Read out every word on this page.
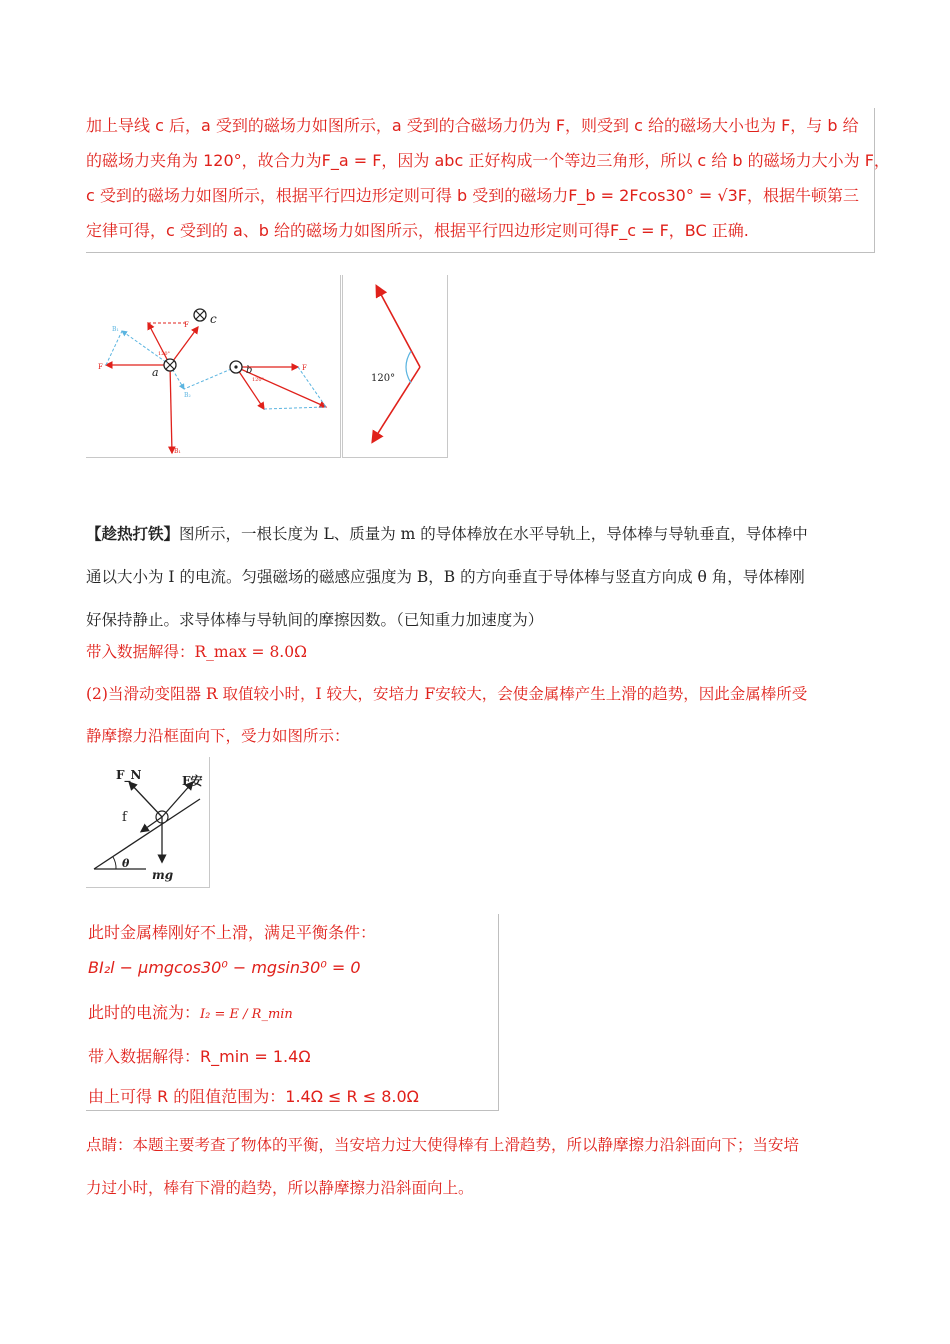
加上导线 c 后，a 受到的磁场力如图所示，a 受到的合磁场力仍为 F，则受到 c 给的磁场大小也为 F，与 b 给

的磁场力夹角为 120°，故合力为F_a = F，因为 abc 正好构成一个等边三角形，所以 c 给 b 的磁场力大小为 F，

c 受到的磁场力如图所示，根据平行四边形定则可得 b 受到的磁场力F_b = 2Fcos30° = √3F，根据牛顿第三

定律可得，c 受到的 a、b 给的磁场力如图所示，根据平行四边形定则可得F_c = F，BC 正确.

a
c
b
F	F
F
B₁
B₂
B₁
120°
120°	120°

【趁热打铁】图所示，一根长度为 L、质量为 m 的导体棒放在水平导轨上，导体棒与导轨垂直，导体棒中
通以大小为 I 的电流。匀强磁场的磁感应强度为 B，B 的方向垂直于导体棒与竖直方向成 θ 角，导体棒刚
好保持静止。求导体棒与导轨间的摩擦因数。（已知重力加速度为）

带入数据解得：R_max = 8.0Ω

(2)当滑动变阻器 R 取值较小时，I 较大，安培力 F安较大，会使金属棒产生上滑的趋势，因此金属棒所受

静摩擦力沿框面向下，受力如图所示：

F_N	F安
f
θ
mg
此时金属棒刚好不上滑，满足平衡条件：
BI₂l − μmgcos30⁰ − mgsin30⁰ = 0
此时的电流为：I₂ = E / R_min
带入数据解得：R_min = 1.4Ω
由上可得 R 的阻值范围为：1.4Ω ≤ R ≤ 8.0Ω

点睛：本题主要考查了物体的平衡，当安培力过大使得棒有上滑趋势，所以静摩擦力沿斜面向下；当安培
力过小时，棒有下滑的趋势，所以静摩擦力沿斜面向上。
